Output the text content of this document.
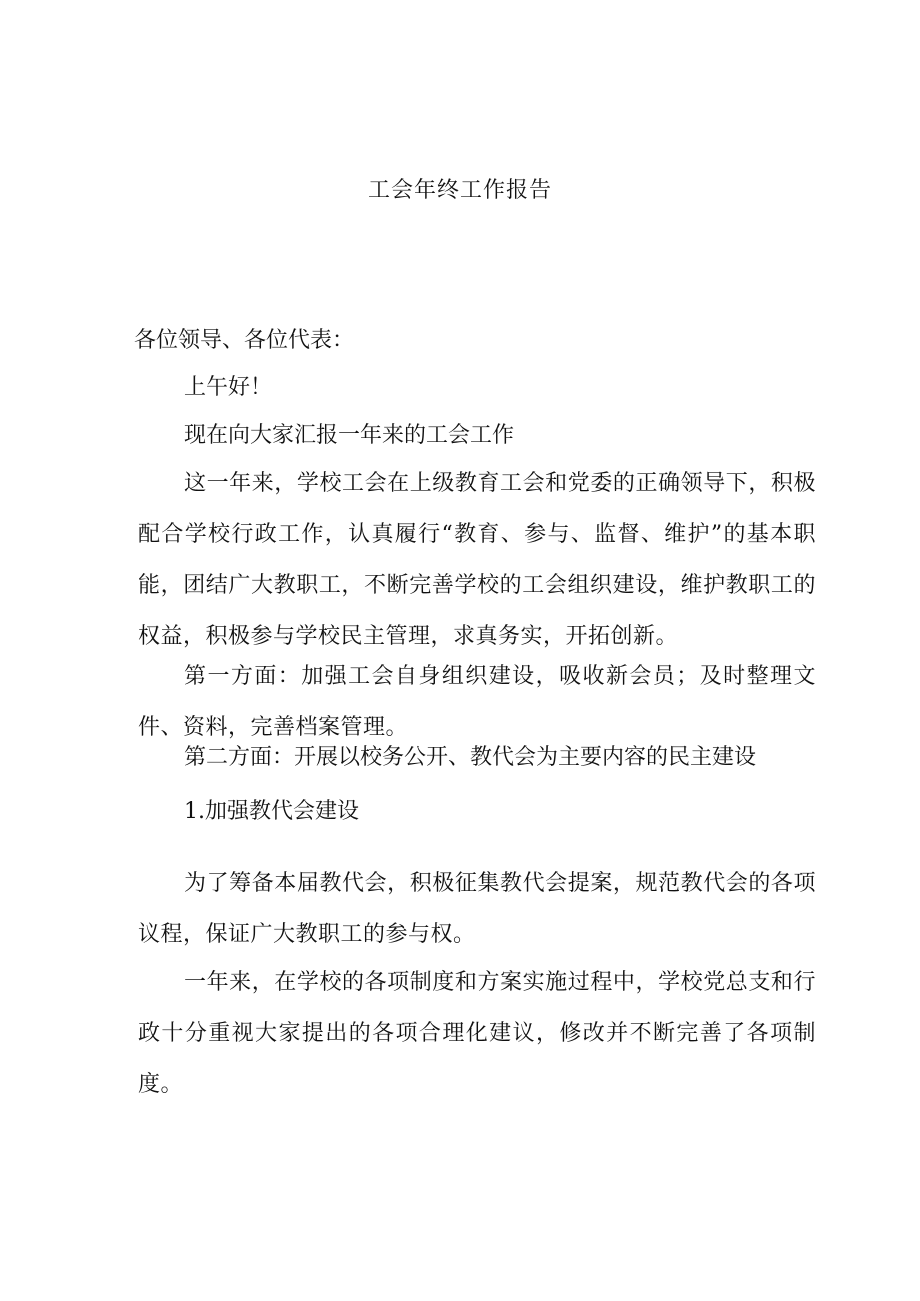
工会年终工作报告
各位领导、各位代表：
上午好！
现在向大家汇报一年来的工会工作
这一年来，学校工会在上级教育工会和党委的正确领导下，积极配合学校行政工作，认真履行“教育、参与、监督、维护”的基本职能，团结广大教职工，不断完善学校的工会组织建设，维护教职工的权益，积极参与学校民主管理，求真务实，开拓创新。
第一方面：加强工会自身组织建设，吸收新会员；及时整理文件、资料，完善档案管理。
第二方面：开展以校务公开、教代会为主要内容的民主建设
1.加强教代会建设
为了筹备本届教代会，积极征集教代会提案，规范教代会的各项议程，保证广大教职工的参与权。
一年来，在学校的各项制度和方案实施过程中，学校党总支和行政十分重视大家提出的各项合理化建议，修改并不断完善了各项制度。
